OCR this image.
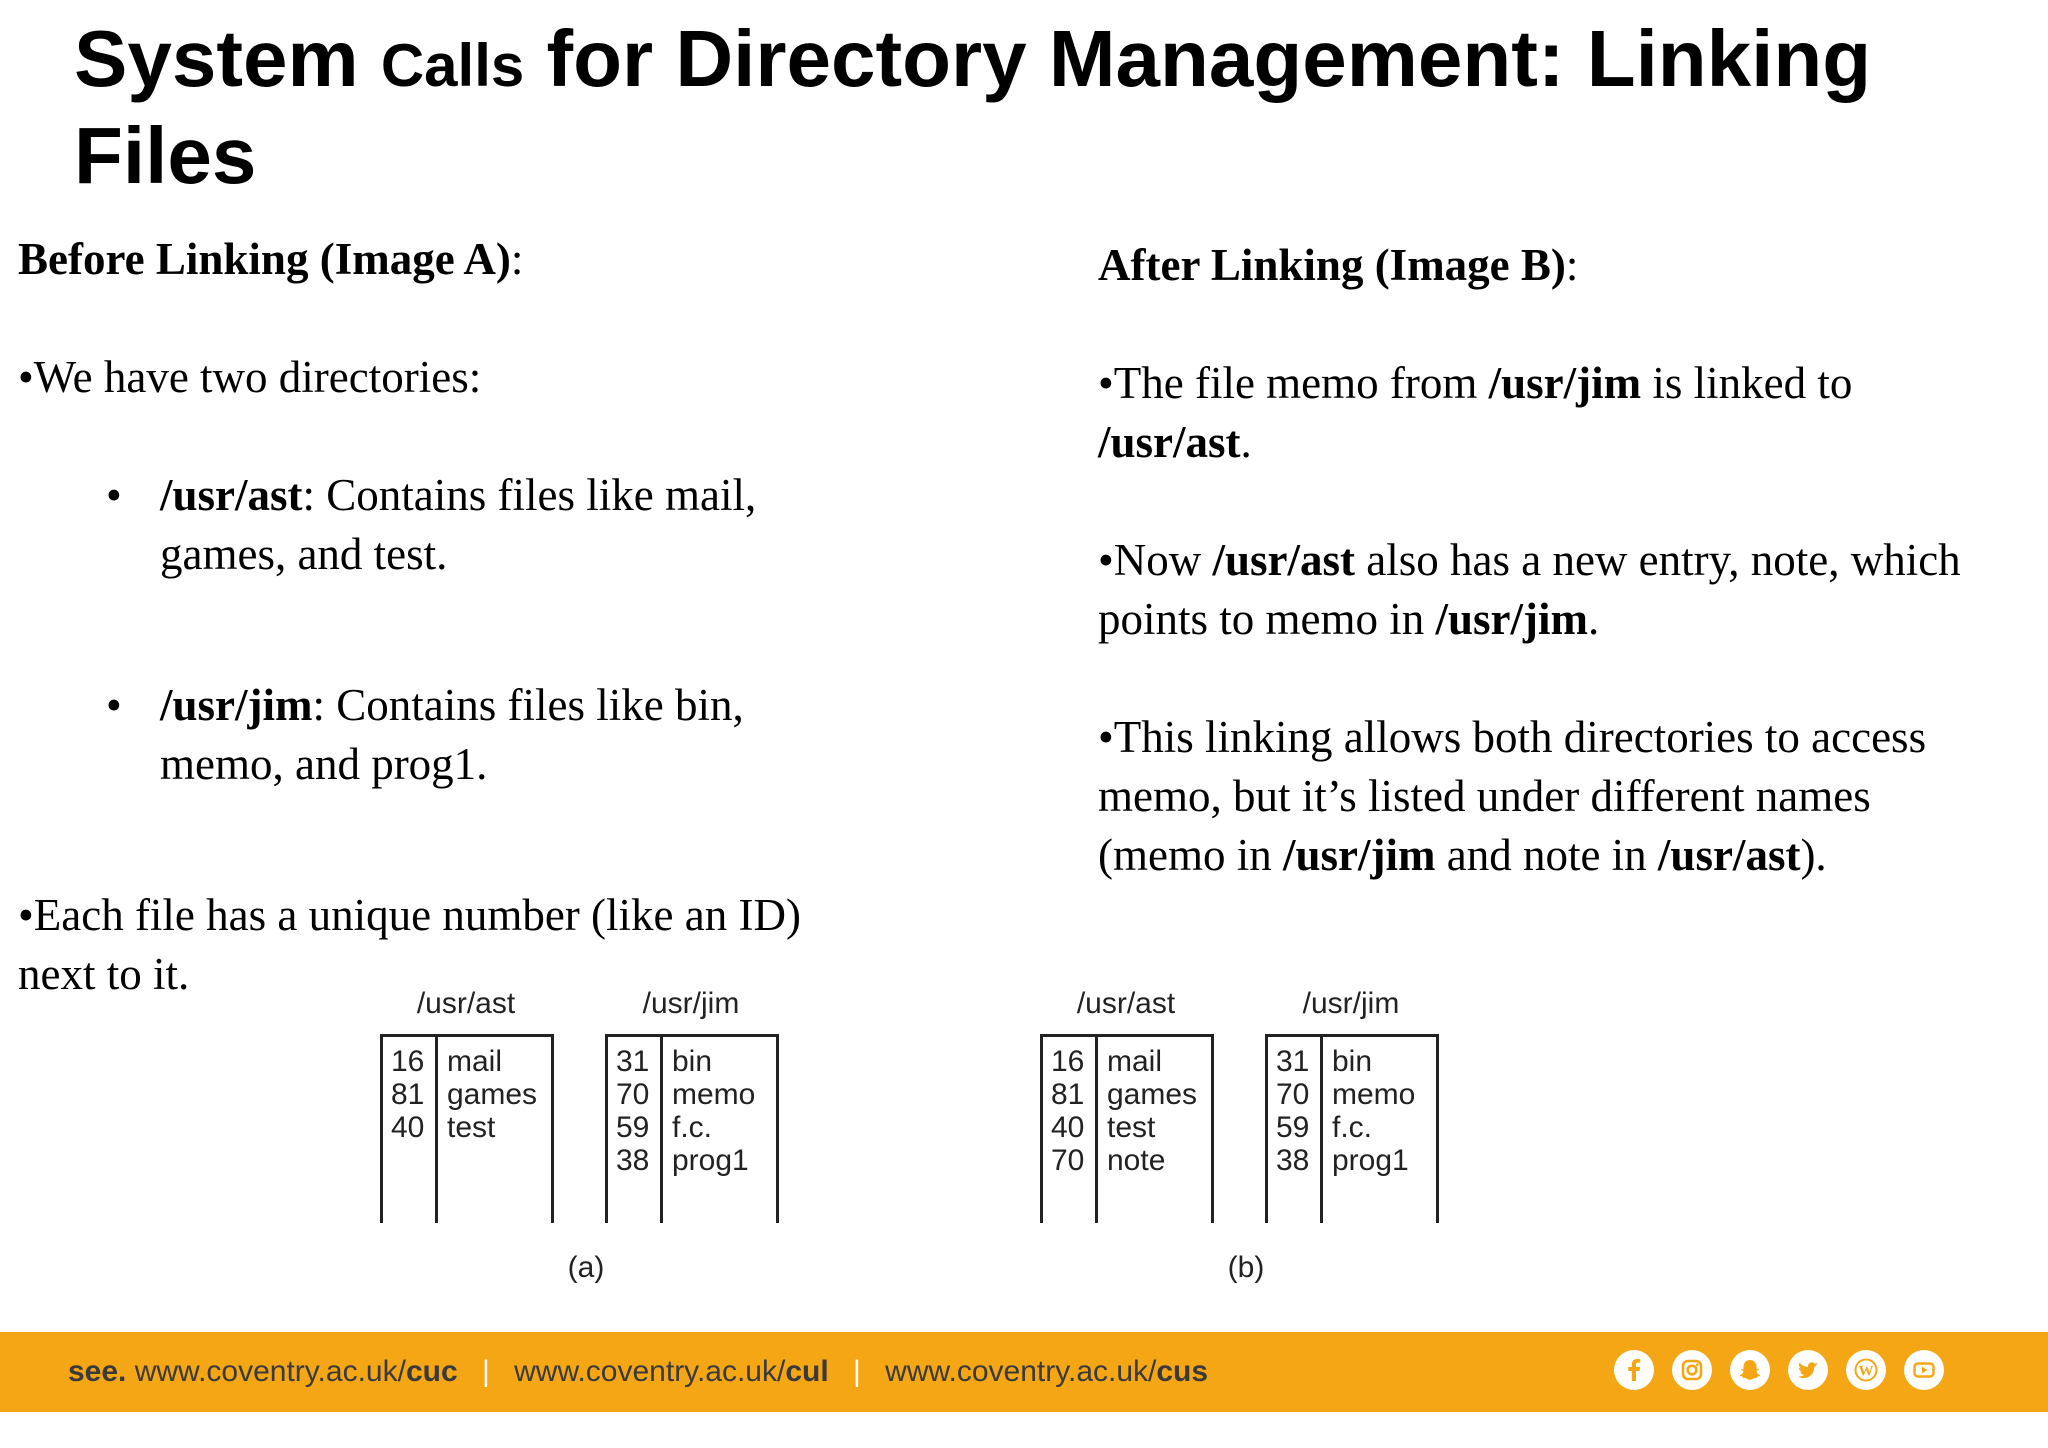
System Calls for Directory Management: Linking
Files

Before Linking (Image A):

•We have two directories:

• /usr/ast: Contains files like mail, games, and test.
• /usr/jim: Contains files like bin, memo, and prog1.

•Each file has a unique number (like an ID) next to it.

After Linking (Image B):

•The file memo from /usr/jim is linked to /usr/ast.

•Now /usr/ast also has a new entry, note, which points to memo in /usr/jim.

•This linking allows both directories to access memo, but it’s listed under different names (memo in /usr/jim and note in /usr/ast).

/usr/ast
16 mail
81 games
40 test
/usr/jim
31 bin
70 memo
59 f.c.
38 prog1
(a)
/usr/ast
16 mail
81 games
40 test
70 note
/usr/jim
31 bin
70 memo
59 f.c.
38 prog1
(b)
see. www.coventry.ac.uk/cuc | www.coventry.ac.uk/cul | www.coventry.ac.uk/cus	W
